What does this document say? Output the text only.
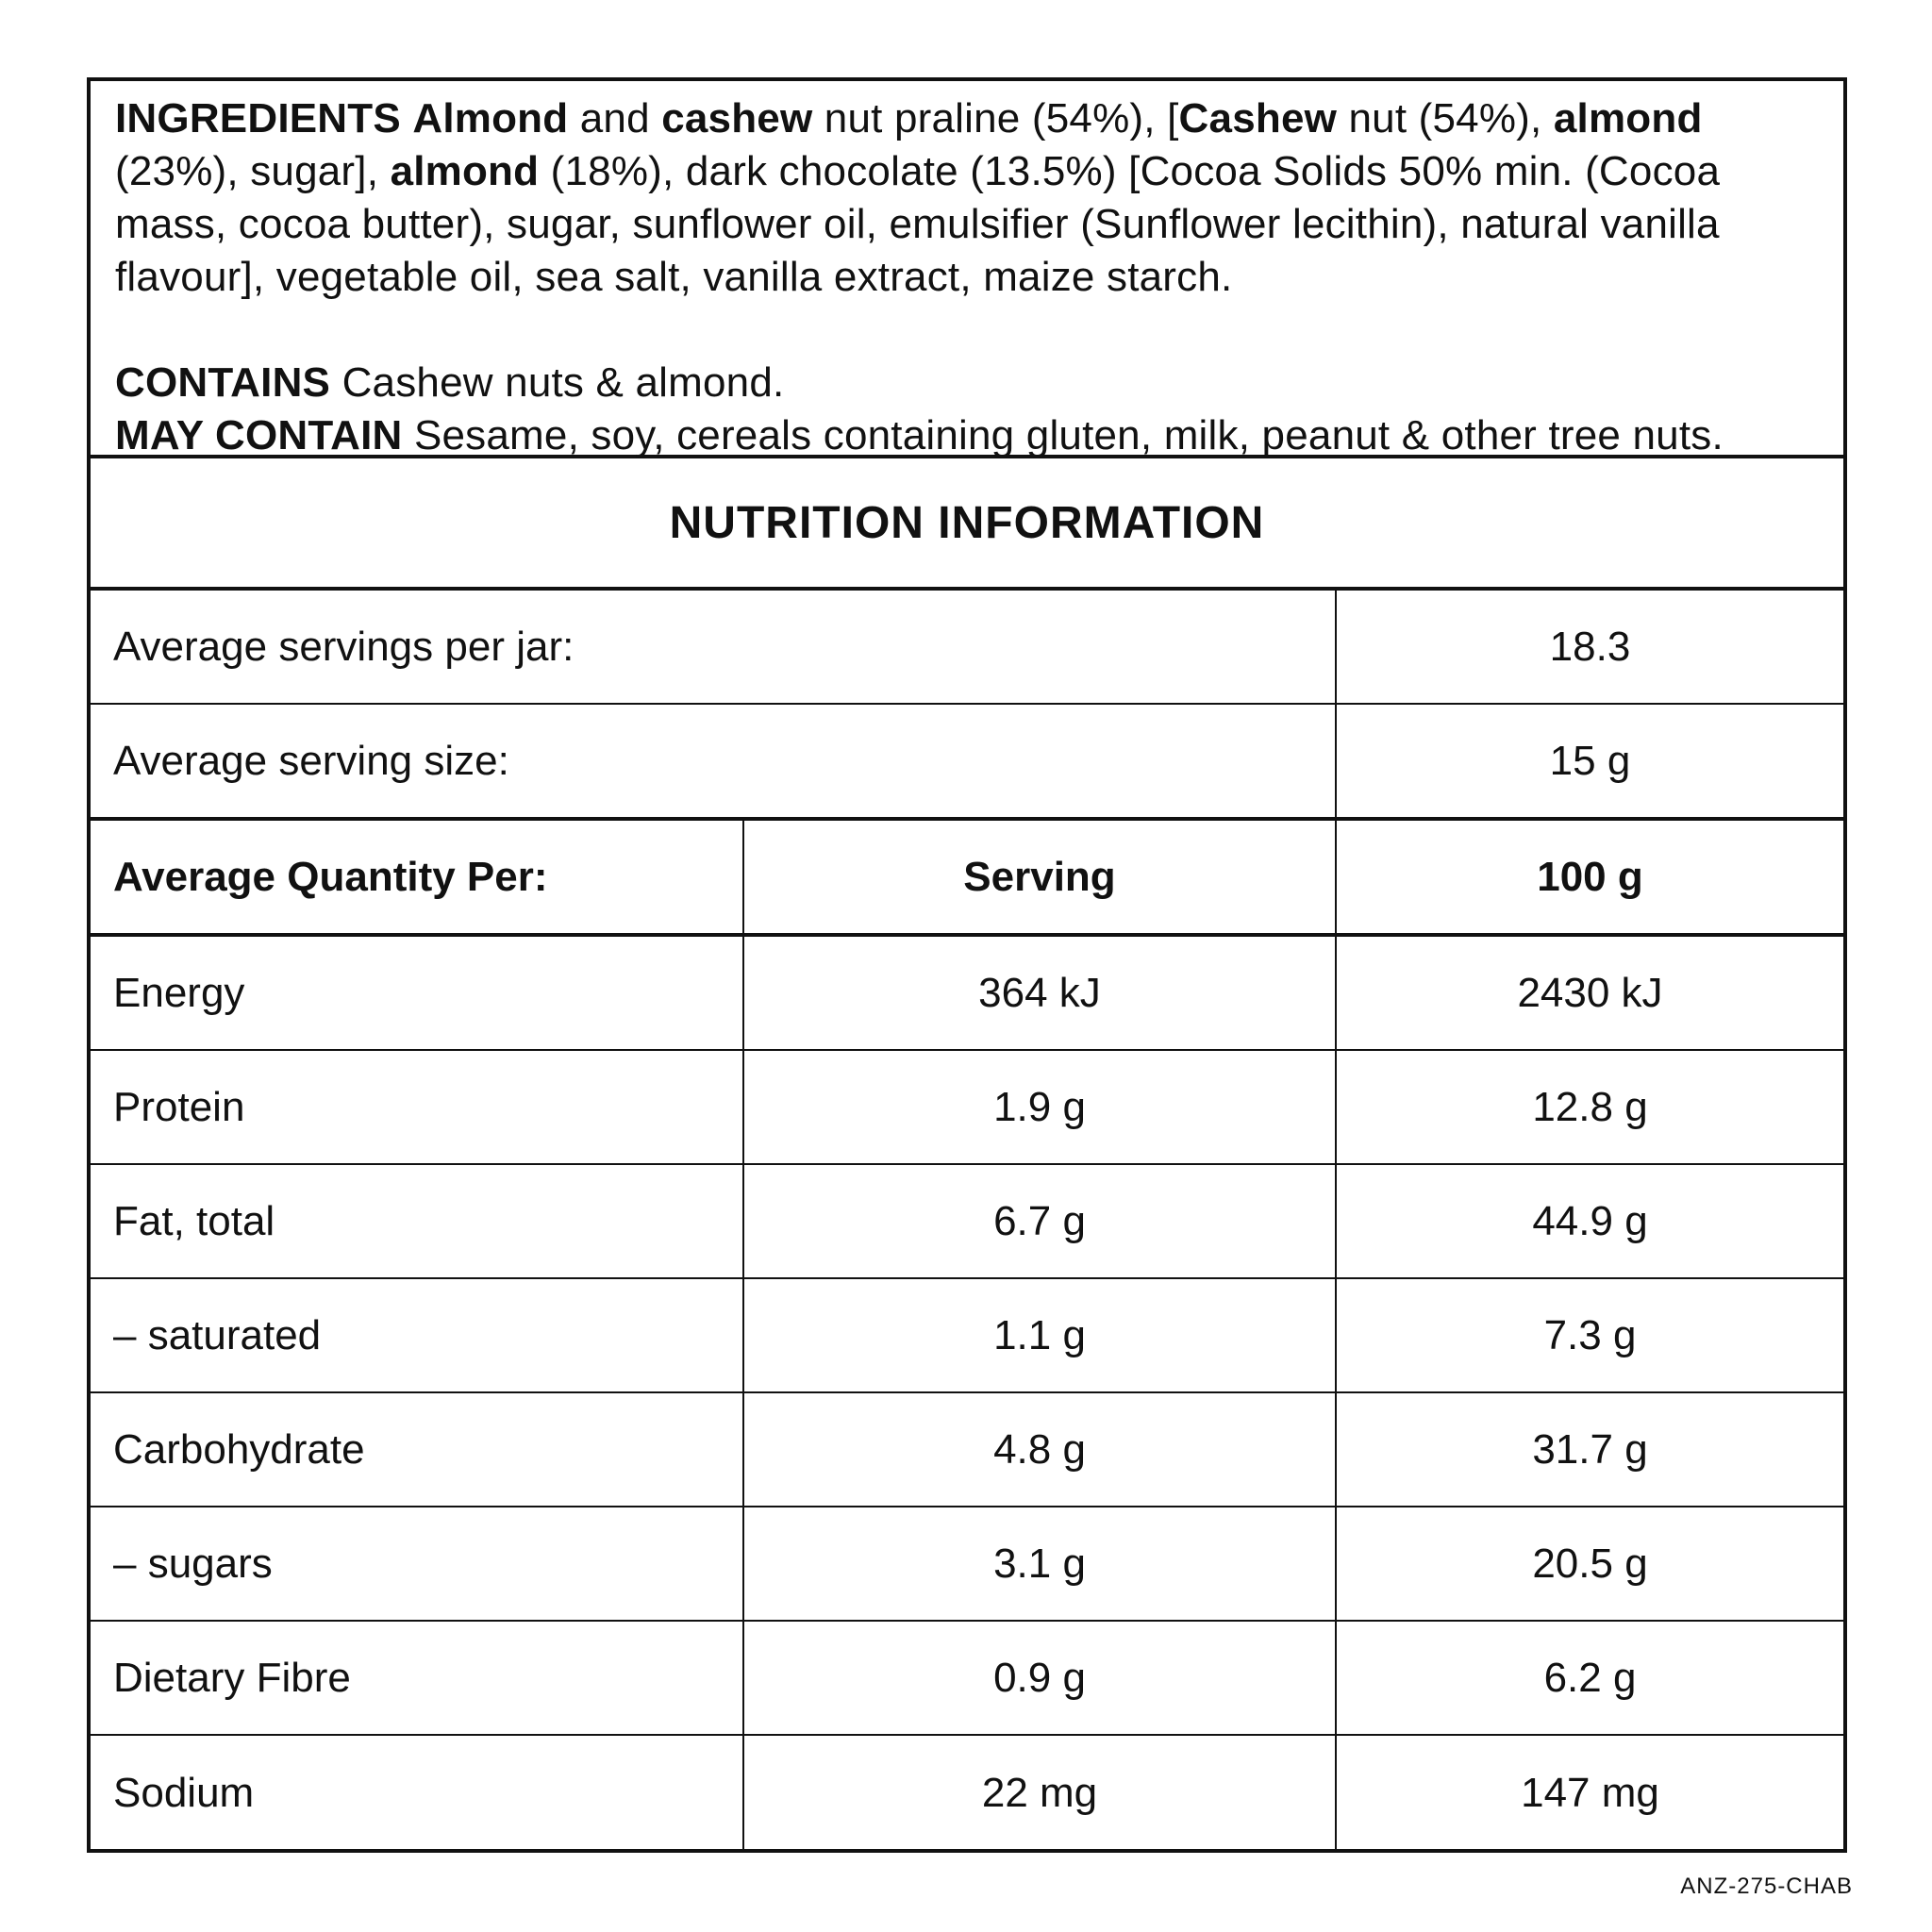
INGREDIENTS Almond and cashew nut praline (54%), [Cashew nut (54%), almond (23%), sugar], almond (18%), dark chocolate (13.5%) [Cocoa Solids 50% min. (Cocoa mass, cocoa butter), sugar, sunflower oil, emulsifier (Sunflower lecithin), natural vanilla flavour], vegetable oil, sea salt, vanilla extract, maize starch.

CONTAINS Cashew nuts & almond.

MAY CONTAIN Sesame, soy, cereals containing gluten, milk, peanut & other tree nuts.

NUTRITION INFORMATION
Average servings per jar:	18.3
Average serving size:	15 g
Average Quantity Per:	Serving	100 g
Energy	364 kJ	2430 kJ
Protein	1.9 g	12.8 g
Fat, total	6.7 g	44.9 g
– saturated	1.1 g	7.3 g
Carbohydrate	4.8 g	31.7 g
– sugars	3.1 g	20.5 g
Dietary Fibre	0.9 g	6.2 g
Sodium	22 mg	147 mg
ANZ-275-CHAB
